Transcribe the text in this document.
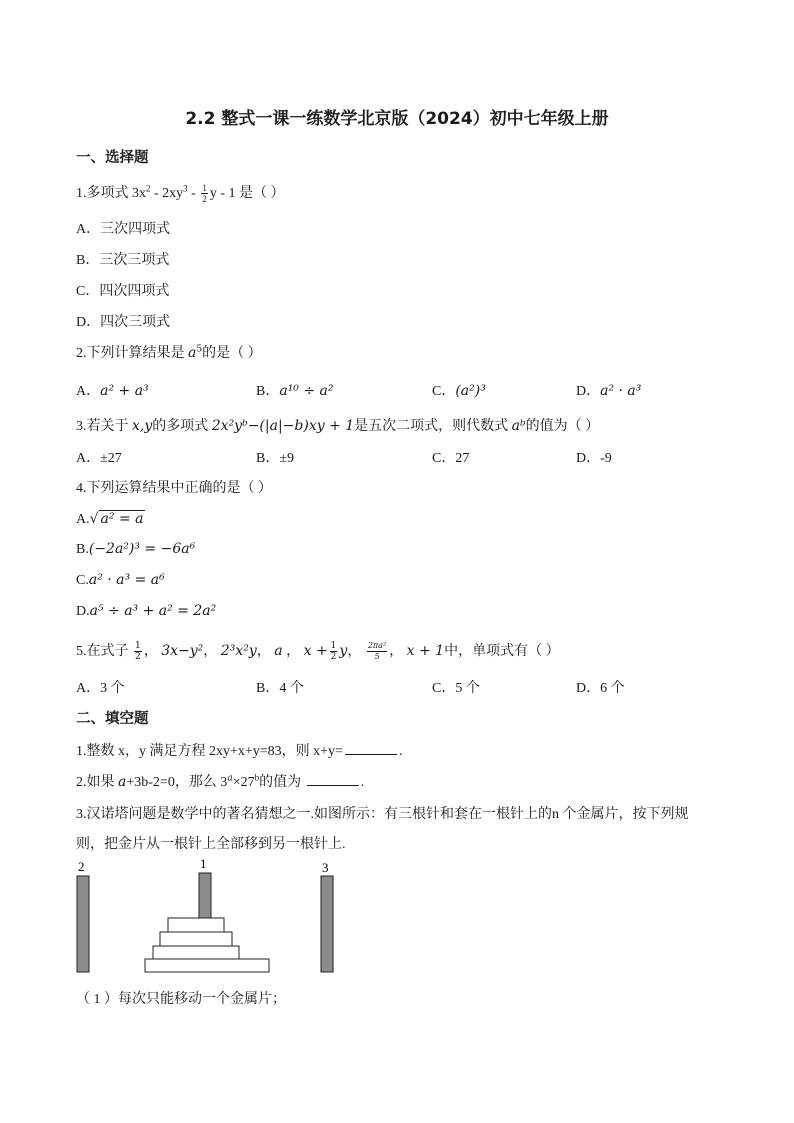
2.2 整式一课一练数学北京版（2024）初中七年级上册
一、选择题
1.多项式 $3x^2 - 2xy^3 - \frac{1}{2}$ y - 1 是（ ）
A．三次四项式
B．三次三项式
C．四次四项式
D．四次三项式
2.下列计算结果是 $a^5$的是（ ）
A．a² + a³	B．a¹⁰ ÷ a²	C．(a²)³	D．a² · a³
3.若关于 x,y的多项式 2x²yᵇ−(|a|−b)xy + 1是五次二项式，则代数式 aᵇ的值为（ ）
A．±27	B．±9	C．27	D．-9
4.下列运算结果中正确的是（ ）
A.√ a² = a
B.(−2a²)³ = −6a⁶
C.a² · a³ = a⁶
D.a⁵ ÷ a³ + a² = 2a²
5.在式子 $\frac{1}{2}$ ， 3x−y²， 2³x²y， a ， $x + \frac{1}{2}$ y， $\frac{\text{2πa²}}{5}$ ， x + 1中，单项式有（ ）
A．3 个	B．4 个	C．5 个	D．6 个
二、填空题
1.整数 x，y 满足方程 2xy+x+y=83，则 x+y=	.
2.如果 a+3b-2=0，那么 $3^a\times 27^b$的值为	.
3.汉诺塔问题是数学中的著名猜想之一.如图所示：有三根针和套在一根针上的n 个金属片，按下列规
则，把金片从一根针上全部移到另一根针上.
2	1	3
（ 1 ）每次只能移动一个金属片；
